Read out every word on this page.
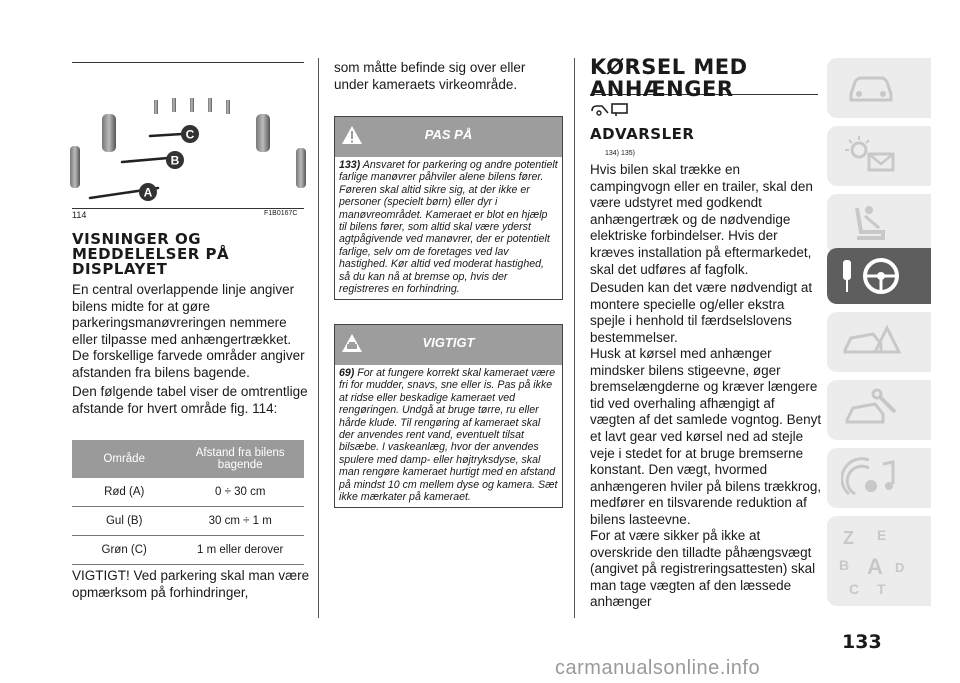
C
B
A
114	F1B0167C
VISNINGER OG
MEDDELELSER PÅ
DISPLAYET

En central overlappende linje angiver bilens midte for at gøre parkeringsmanøvreringen nemmere eller tilpasse med anhængertrækket. De forskellige farvede områder angiver afstanden fra bilens bagende.

Den følgende tabel viser de omtrentlige afstande for hvert område fig. 114:

Område	Afstand fra bilens bagende
Rød (A)	0 ÷ 30 cm
Gul (B)	30 cm ÷ 1 m
Grøn (C)	1 m eller derover

VIGTIGT! Ved parkering skal man være opmærksom på forhindringer,

som måtte befinde sig over eller under kameraets virkeområde.

PAS PÅ
133) Ansvaret for parkering og andre potentielt farlige manøvrer påhviler alene bilens fører. Føreren skal altid sikre sig, at der ikke er personer (specielt børn) eller dyr i manøvreområdet. Kameraet er blot en hjælp til bilens fører, som altid skal være yderst agtpågivende ved manøvrer, der er potentielt farlige, selv om de foretages ved lav hastighed. Kør altid ved moderat hastighed, så du kan nå at bremse op, hvis der registreres en forhindring.
VIGTIGT
69) For at fungere korrekt skal kameraet være fri for mudder, snavs, sne eller is. Pas på ikke at ridse eller beskadige kameraet ved rengøringen. Undgå at bruge tørre, ru eller hårde klude. Til rengøring af kameraet skal der anvendes rent vand, eventuelt tilsat bilsæbe. I vaskeanlæg, hvor der anvendes spulere med damp- eller højtryksdyse, skal man rengøre kameraet hurtigt med en afstand på mindst 10 cm mellem dyse og kamera. Sæt ikke mærkater på kameraet.
KØRSEL MED
ANHÆNGER
ADVARSLER
134) 135)

Hvis bilen skal trække en campingvogn eller en trailer, skal den være udstyret med godkendt anhængertræk og de nødvendige elektriske forbindelser. Hvis der kræves installation på eftermarkedet, skal det udføres af fagfolk.

Desuden kan det være nødvendigt at montere specielle og/eller ekstra spejle i henhold til færdselslovens bestemmelser.

Husk at kørsel med anhænger mindsker bilens stigeevne, øger bremselængderne og kræver længere tid ved overhaling afhængigt af vægten af det samlede vogntog. Benyt et lavt gear ved kørsel ned ad stejle veje i stedet for at bruge bremserne konstant. Den vægt, hvormed anhængeren hviler på bilens trækkrog, medfører en tilsvarende reduktion af bilens lasteevne.

For at være sikker på ikke at overskride den tilladte påhængsvægt (angivet på registreringsattesten) skal man tage vægten af den læssede anhænger

Z E
B A D
C T
133
carmanualsonline.info
